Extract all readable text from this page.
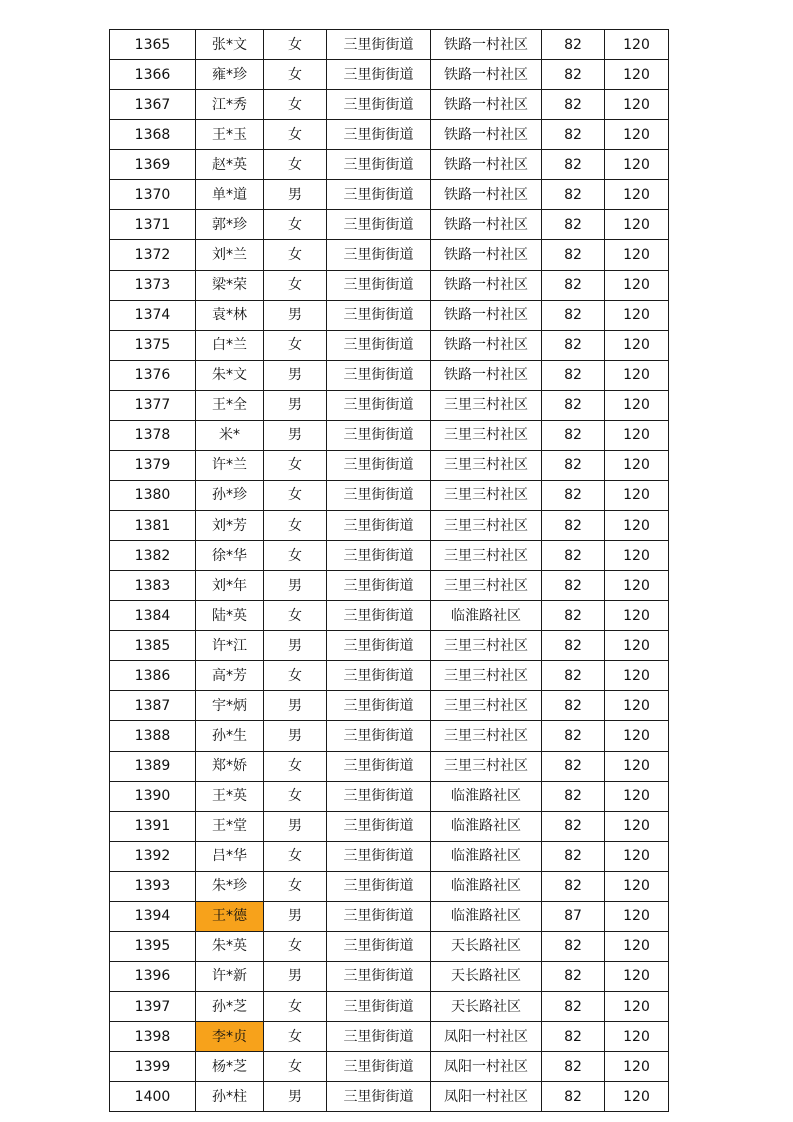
1365	张*文	女	三里街街道	铁路一村社区	82	120
1366	雍*珍	女	三里街街道	铁路一村社区	82	120
1367	江*秀	女	三里街街道	铁路一村社区	82	120
1368	王*玉	女	三里街街道	铁路一村社区	82	120
1369	赵*英	女	三里街街道	铁路一村社区	82	120
1370	单*道	男	三里街街道	铁路一村社区	82	120
1371	郭*珍	女	三里街街道	铁路一村社区	82	120
1372	刘*兰	女	三里街街道	铁路一村社区	82	120
1373	梁*荣	女	三里街街道	铁路一村社区	82	120
1374	袁*林	男	三里街街道	铁路一村社区	82	120
1375	白*兰	女	三里街街道	铁路一村社区	82	120
1376	朱*文	男	三里街街道	铁路一村社区	82	120
1377	王*全	男	三里街街道	三里三村社区	82	120
1378	米*	男	三里街街道	三里三村社区	82	120
1379	许*兰	女	三里街街道	三里三村社区	82	120
1380	孙*珍	女	三里街街道	三里三村社区	82	120
1381	刘*芳	女	三里街街道	三里三村社区	82	120
1382	徐*华	女	三里街街道	三里三村社区	82	120
1383	刘*年	男	三里街街道	三里三村社区	82	120
1384	陆*英	女	三里街街道	临淮路社区	82	120
1385	许*江	男	三里街街道	三里三村社区	82	120
1386	高*芳	女	三里街街道	三里三村社区	82	120
1387	宇*炳	男	三里街街道	三里三村社区	82	120
1388	孙*生	男	三里街街道	三里三村社区	82	120
1389	郑*娇	女	三里街街道	三里三村社区	82	120
1390	王*英	女	三里街街道	临淮路社区	82	120
1391	王*堂	男	三里街街道	临淮路社区	82	120
1392	吕*华	女	三里街街道	临淮路社区	82	120
1393	朱*珍	女	三里街街道	临淮路社区	82	120
1394	王*德	男	三里街街道	临淮路社区	87	120
1395	朱*英	女	三里街街道	天长路社区	82	120
1396	许*新	男	三里街街道	天长路社区	82	120
1397	孙*芝	女	三里街街道	天长路社区	82	120
1398	李*贞	女	三里街街道	凤阳一村社区	82	120
1399	杨*芝	女	三里街街道	凤阳一村社区	82	120
1400	孙*柱	男	三里街街道	凤阳一村社区	82	120
